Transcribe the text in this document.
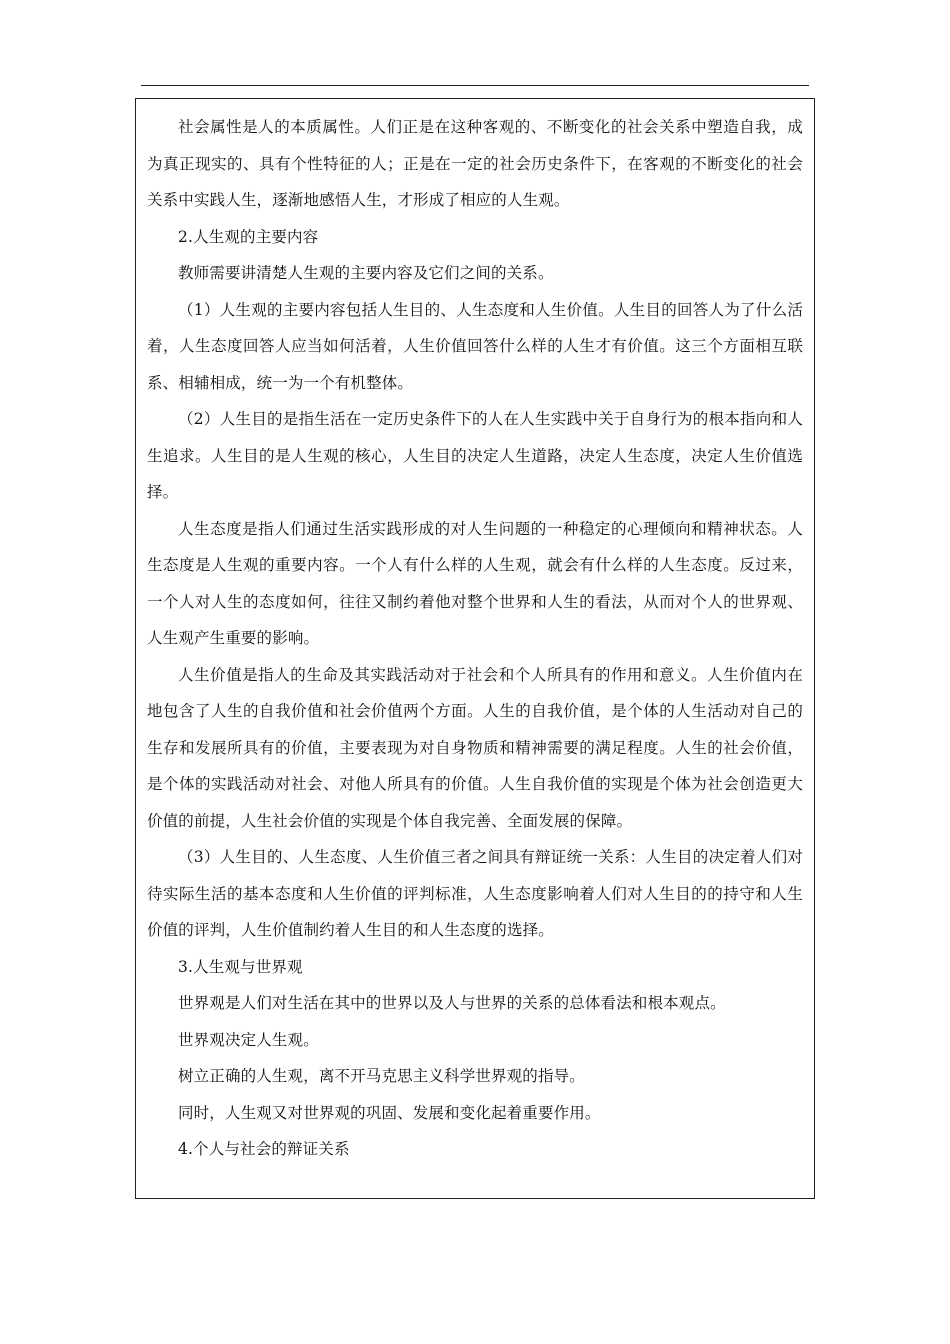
社会属性是人的本质属性。人们正是在这种客观的、不断变化的社会关系中塑造自我，成为真正现实的、具有个性特征的人；正是在一定的社会历史条件下，在客观的不断变化的社会关系中实践人生，逐渐地感悟人生，才形成了相应的人生观。

2.人生观的主要内容

教师需要讲清楚人生观的主要内容及它们之间的关系。

（1）人生观的主要内容包括人生目的、人生态度和人生价值。人生目的回答人为了什么活着，人生态度回答人应当如何活着，人生价值回答什么样的人生才有价值。这三个方面相互联系、相辅相成，统一为一个有机整体。

（2）人生目的是指生活在一定历史条件下的人在人生实践中关于自身行为的根本指向和人生追求。人生目的是人生观的核心，人生目的决定人生道路，决定人生态度，决定人生价值选择。

人生态度是指人们通过生活实践形成的对人生问题的一种稳定的心理倾向和精神状态。人生态度是人生观的重要内容。一个人有什么样的人生观，就会有什么样的人生态度。反过来，一个人对人生的态度如何，往往又制约着他对整个世界和人生的看法，从而对个人的世界观、人生观产生重要的影响。

人生价值是指人的生命及其实践活动对于社会和个人所具有的作用和意义。人生价值内在地包含了人生的自我价值和社会价值两个方面。人生的自我价值，是个体的人生活动对自己的生存和发展所具有的价值，主要表现为对自身物质和精神需要的满足程度。人生的社会价值，是个体的实践活动对社会、对他人所具有的价值。人生自我价值的实现是个体为社会创造更大价值的前提，人生社会价值的实现是个体自我完善、全面发展的保障。

（3）人生目的、人生态度、人生价值三者之间具有辩证统一关系：人生目的决定着人们对待实际生活的基本态度和人生价值的评判标准，人生态度影响着人们对人生目的的持守和人生价值的评判，人生价值制约着人生目的和人生态度的选择。

3.人生观与世界观

世界观是人们对生活在其中的世界以及人与世界的关系的总体看法和根本观点。

世界观决定人生观。

树立正确的人生观，离不开马克思主义科学世界观的指导。

同时，人生观又对世界观的巩固、发展和变化起着重要作用。

4.个人与社会的辩证关系
